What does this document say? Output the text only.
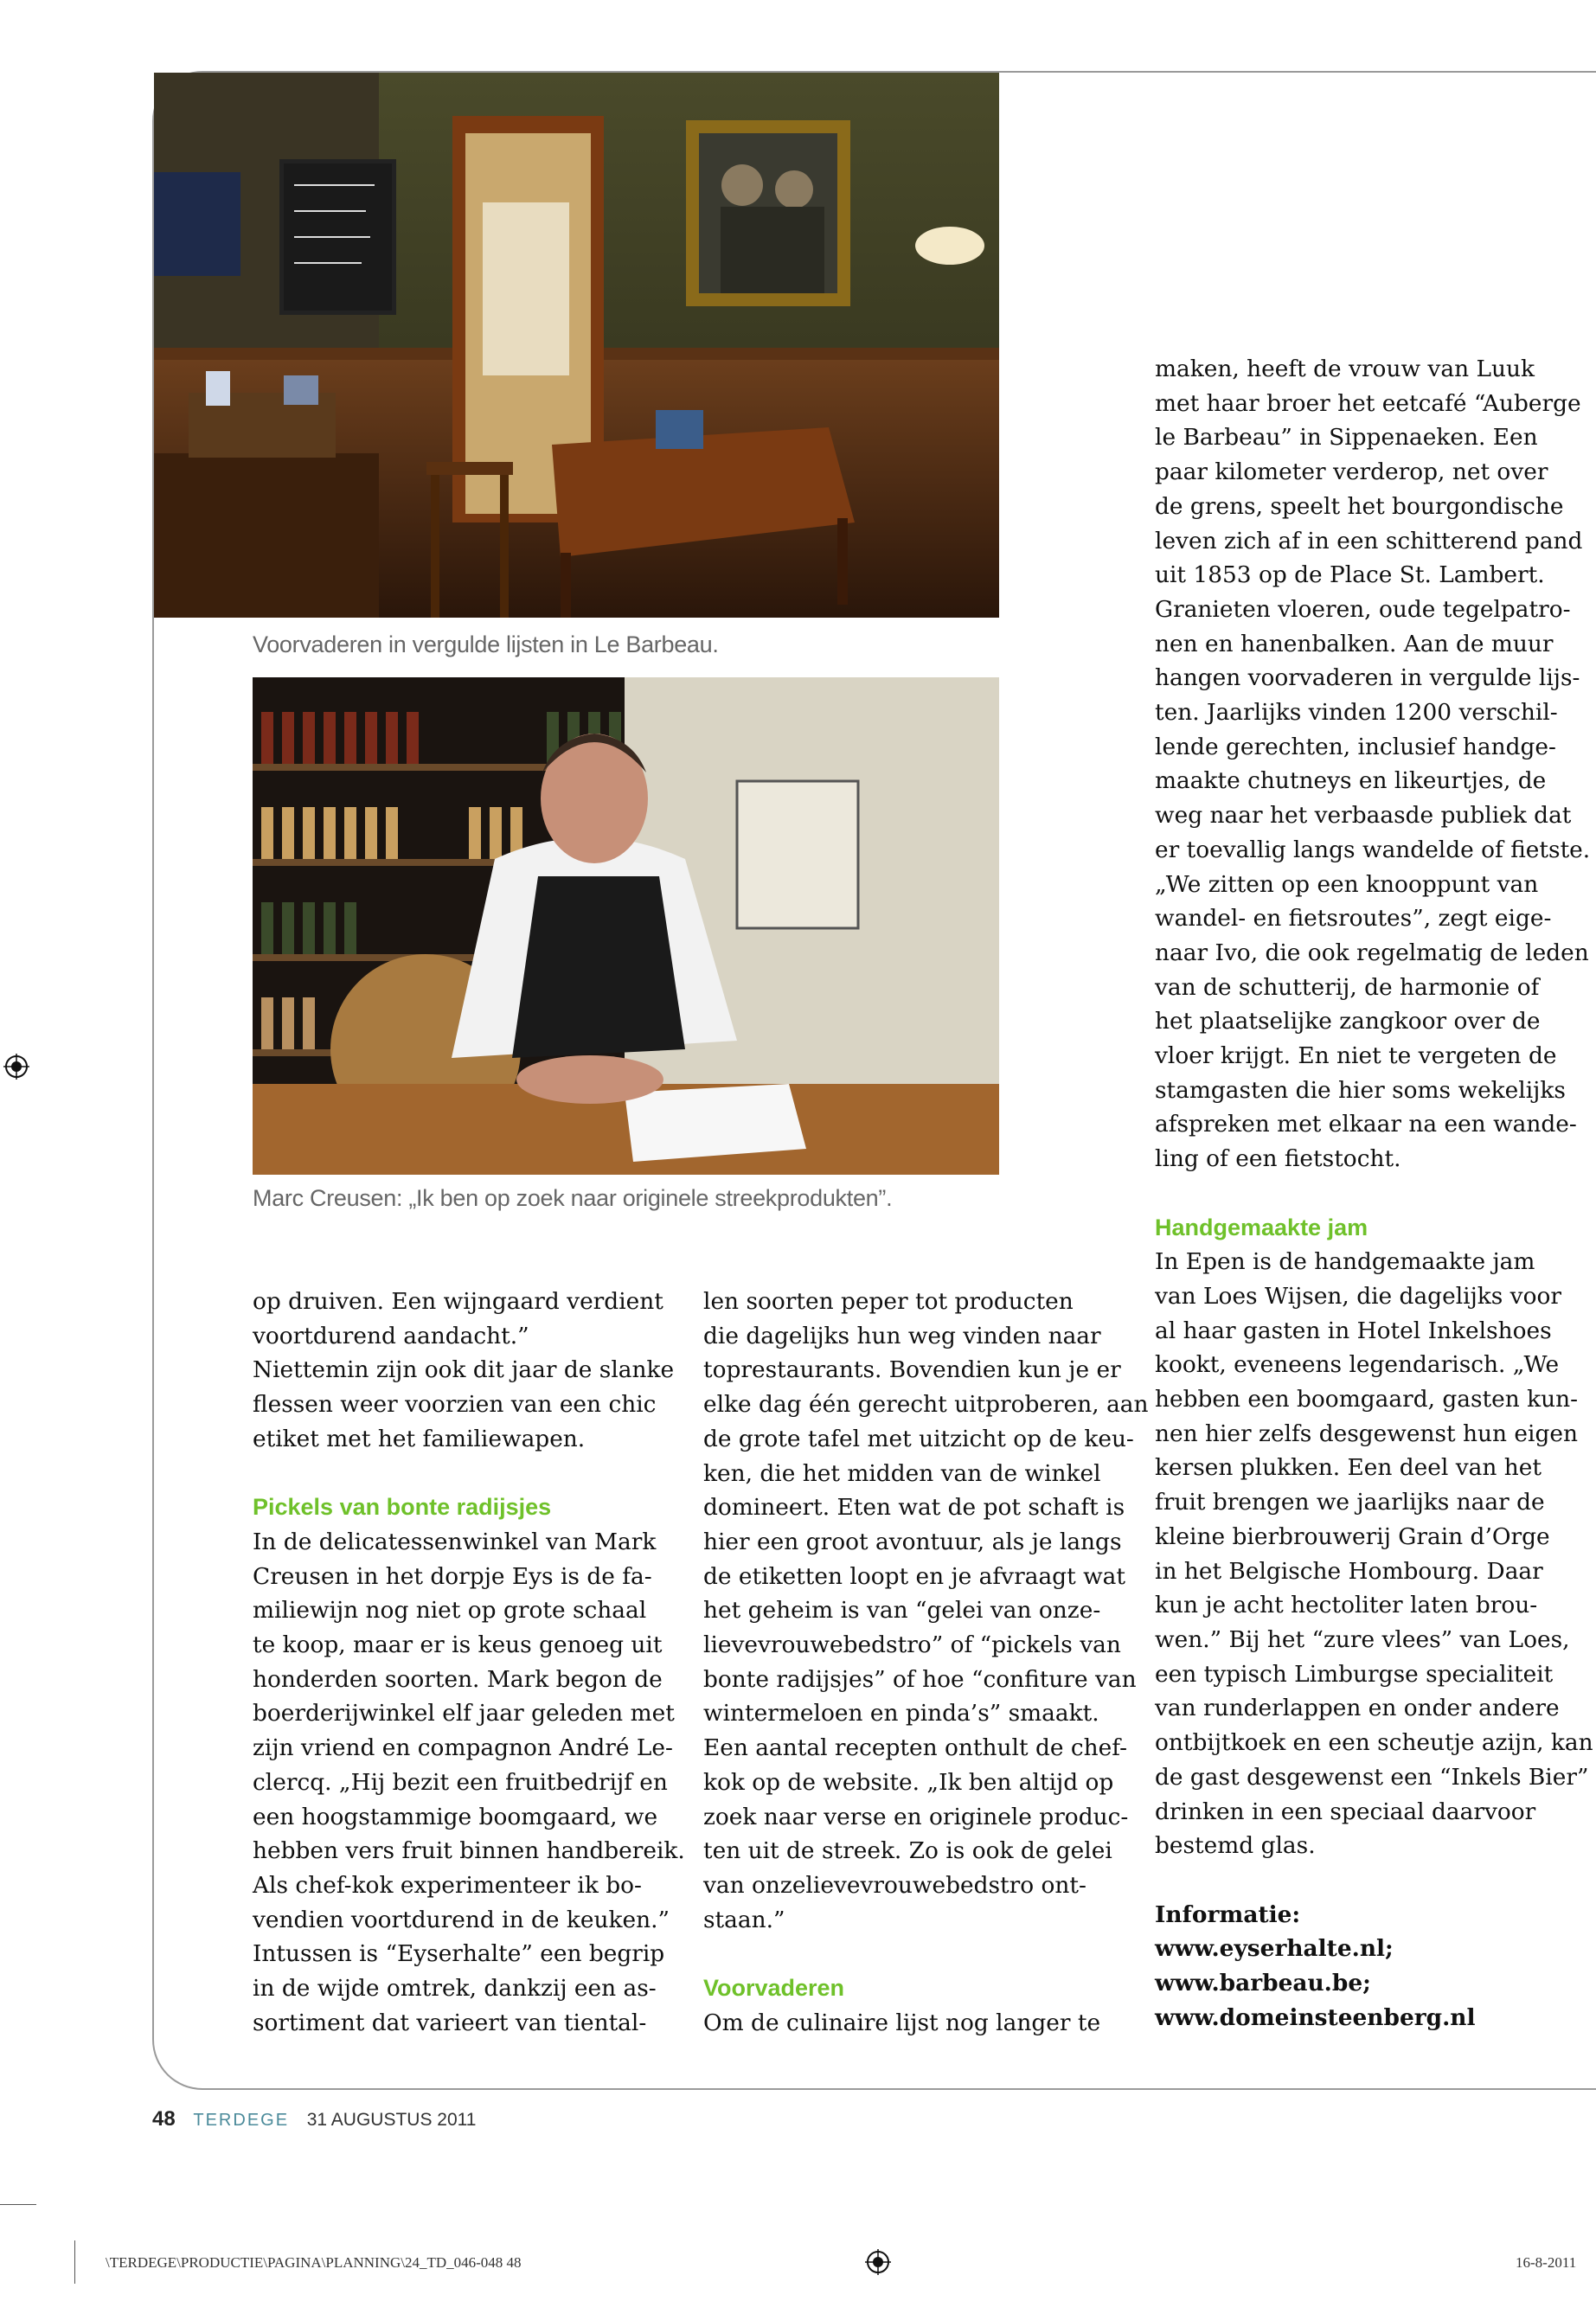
Voorvaderen in vergulde lijsten in Le Barbeau.
Marc Creusen: „Ik ben op zoek naar originele streekprodukten”.

op druiven. Een wijngaard verdient

voortdurend aandacht.”

Niettemin zijn ook dit jaar de slanke

flessen weer voorzien van een chic

etiket met het familiewapen.

Pickels van bonte radijsjes

In de delicatessenwinkel van Mark

Creusen in het dorpje Eys is de fa-

miliewijn nog niet op grote schaal

te koop, maar er is keus genoeg uit

honderden soorten. Mark begon de

boerderijwinkel elf jaar geleden met

zijn vriend en compagnon André Le-

clercq. „Hij bezit een fruitbedrijf en

een hoogstammige boomgaard, we

hebben vers fruit binnen handbereik.

Als chef-kok experimenteer ik bo-

vendien voortdurend in de keuken.”

Intussen is “Eyserhalte” een begrip

in de wijde omtrek, dankzij een as-

sortiment dat varieert van tiental-

len soorten peper tot producten

die dagelijks hun weg vinden naar

toprestaurants. Bovendien kun je er

elke dag één gerecht uitproberen, aan

de grote tafel met uitzicht op de keu-

ken, die het midden van de winkel

domineert. Eten wat de pot schaft is

hier een groot avontuur, als je langs

de etiketten loopt en je afvraagt wat

het geheim is van “gelei van onze-

lievevrouwebedstro” of “pickels van

bonte radijsjes” of hoe “confiture van

wintermeloen en pinda’s” smaakt.

Een aantal recepten onthult de chef-

kok op de website. „Ik ben altijd op

zoek naar verse en originele produc-

ten uit de streek. Zo is ook de gelei

van onzelievevrouwebedstro ont-

staan.”

Voorvaderen

Om de culinaire lijst nog langer te

maken, heeft de vrouw van Luuk

met haar broer het eetcafé “Auberge

le Barbeau” in Sippenaeken. Een

paar kilometer verderop, net over

de grens, speelt het bourgondische

leven zich af in een schitterend pand

uit 1853 op de Place St. Lambert.

Granieten vloeren, oude tegelpatro-

nen en hanenbalken. Aan de muur

hangen voorvaderen in vergulde lijs-

ten. Jaarlijks vinden 1200 verschil-

lende gerechten, inclusief handge-

maakte chutneys en likeurtjes, de

weg naar het verbaasde publiek dat

er toevallig langs wandelde of fietste.

„We zitten op een knooppunt van

wandel- en fietsroutes”, zegt eige-

naar Ivo, die ook regelmatig de leden

van de schutterij, de harmonie of

het plaatselijke zangkoor over de

vloer krijgt. En niet te vergeten de

stamgasten die hier soms wekelijks

afspreken met elkaar na een wande-

ling of een fietstocht.

Handgemaakte jam

In Epen is de handgemaakte jam

van Loes Wijsen, die dagelijks voor

al haar gasten in Hotel Inkelshoes

kookt, eveneens legendarisch. „We

hebben een boomgaard, gasten kun-

nen hier zelfs desgewenst hun eigen

kersen plukken. Een deel van het

fruit brengen we jaarlijks naar de

kleine bierbrouwerij Grain d’Orge

in het Belgische Hombourg. Daar

kun je acht hectoliter laten brou-

wen.” Bij het “zure vlees” van Loes,

een typisch Limburgse specialiteit

van runderlappen en onder andere

ontbijtkoek en een scheutje azijn, kan

de gast desgewenst een “Inkels Bier”

drinken in een speciaal daarvoor

bestemd glas.

Informatie:

www.eyserhalte.nl;

www.barbeau.be;

www.domeinsteenberg.nl

48 TERDEGE 31 AUGUSTUS 2011
\TERDEGE\PRODUCTIE\PAGINA\PLANNING\24_TD_046-048 48	16-8-2011
